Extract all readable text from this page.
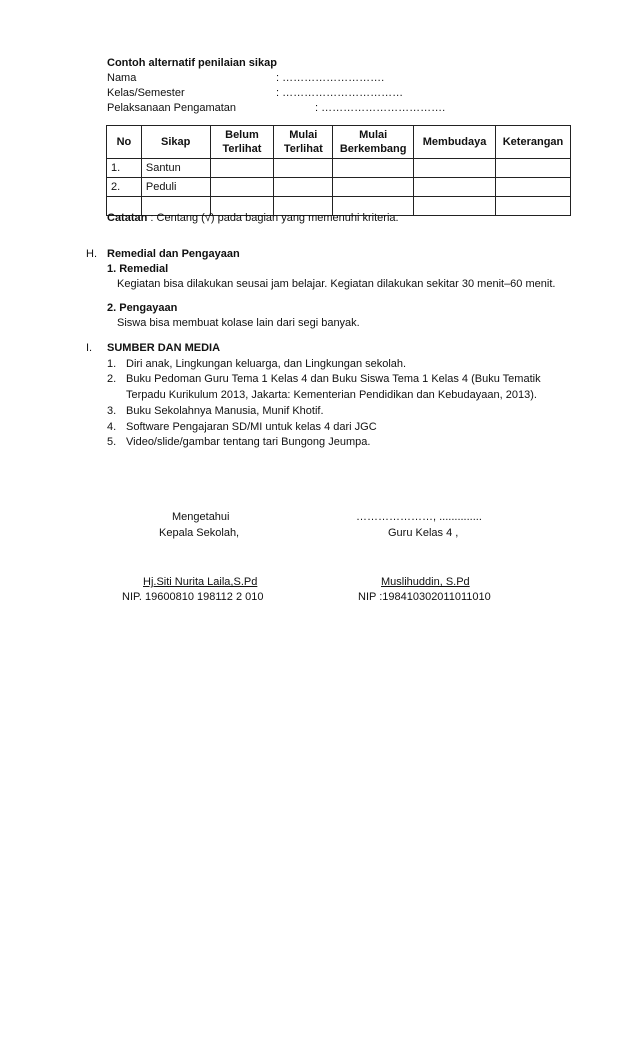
Contoh alternatif penilaian sikap
Nama	: ……………………….
Kelas/Semester	: ……………………………
Pelaksanaan Pengamatan	: …………………………….
No	Sikap	Belum Terlihat	Mulai Terlihat	Mulai Berkembang	Membudaya	Keterangan
1.	Santun					
2.	Peduli					

Catatan : Centang (√) pada bagian yang memenuhi kriteria.
H. Remedial dan Pengayaan
1. Remedial
Kegiatan bisa dilakukan seusai jam belajar. Kegiatan dilakukan sekitar 30 menit–60 menit.
2. Pengayaan
Siswa bisa membuat kolase lain dari segi banyak.
I. SUMBER DAN MEDIA
1. Diri anak, Lingkungan keluarga, dan Lingkungan sekolah.
2. Buku Pedoman Guru Tema 1 Kelas 4 dan Buku Siswa Tema 1 Kelas 4 (Buku Tematik
Terpadu Kurikulum 2013, Jakarta: Kementerian Pendidikan dan Kebudayaan, 2013).
3. Buku Sekolahnya Manusia, Munif Khotif.
4. Software Pengajaran SD/MI untuk kelas 4 dari JGC
5. Video/slide/gambar tentang tari Bungong Jeumpa.
Mengetahui
Kepala Sekolah,
Hj.Siti Nurita Laila,S.Pd
NIP. 19600810 198112 2 010
…………………, ..............
Guru Kelas 4 ,
Muslihuddin, S.Pd
NIP :198410302011011010
